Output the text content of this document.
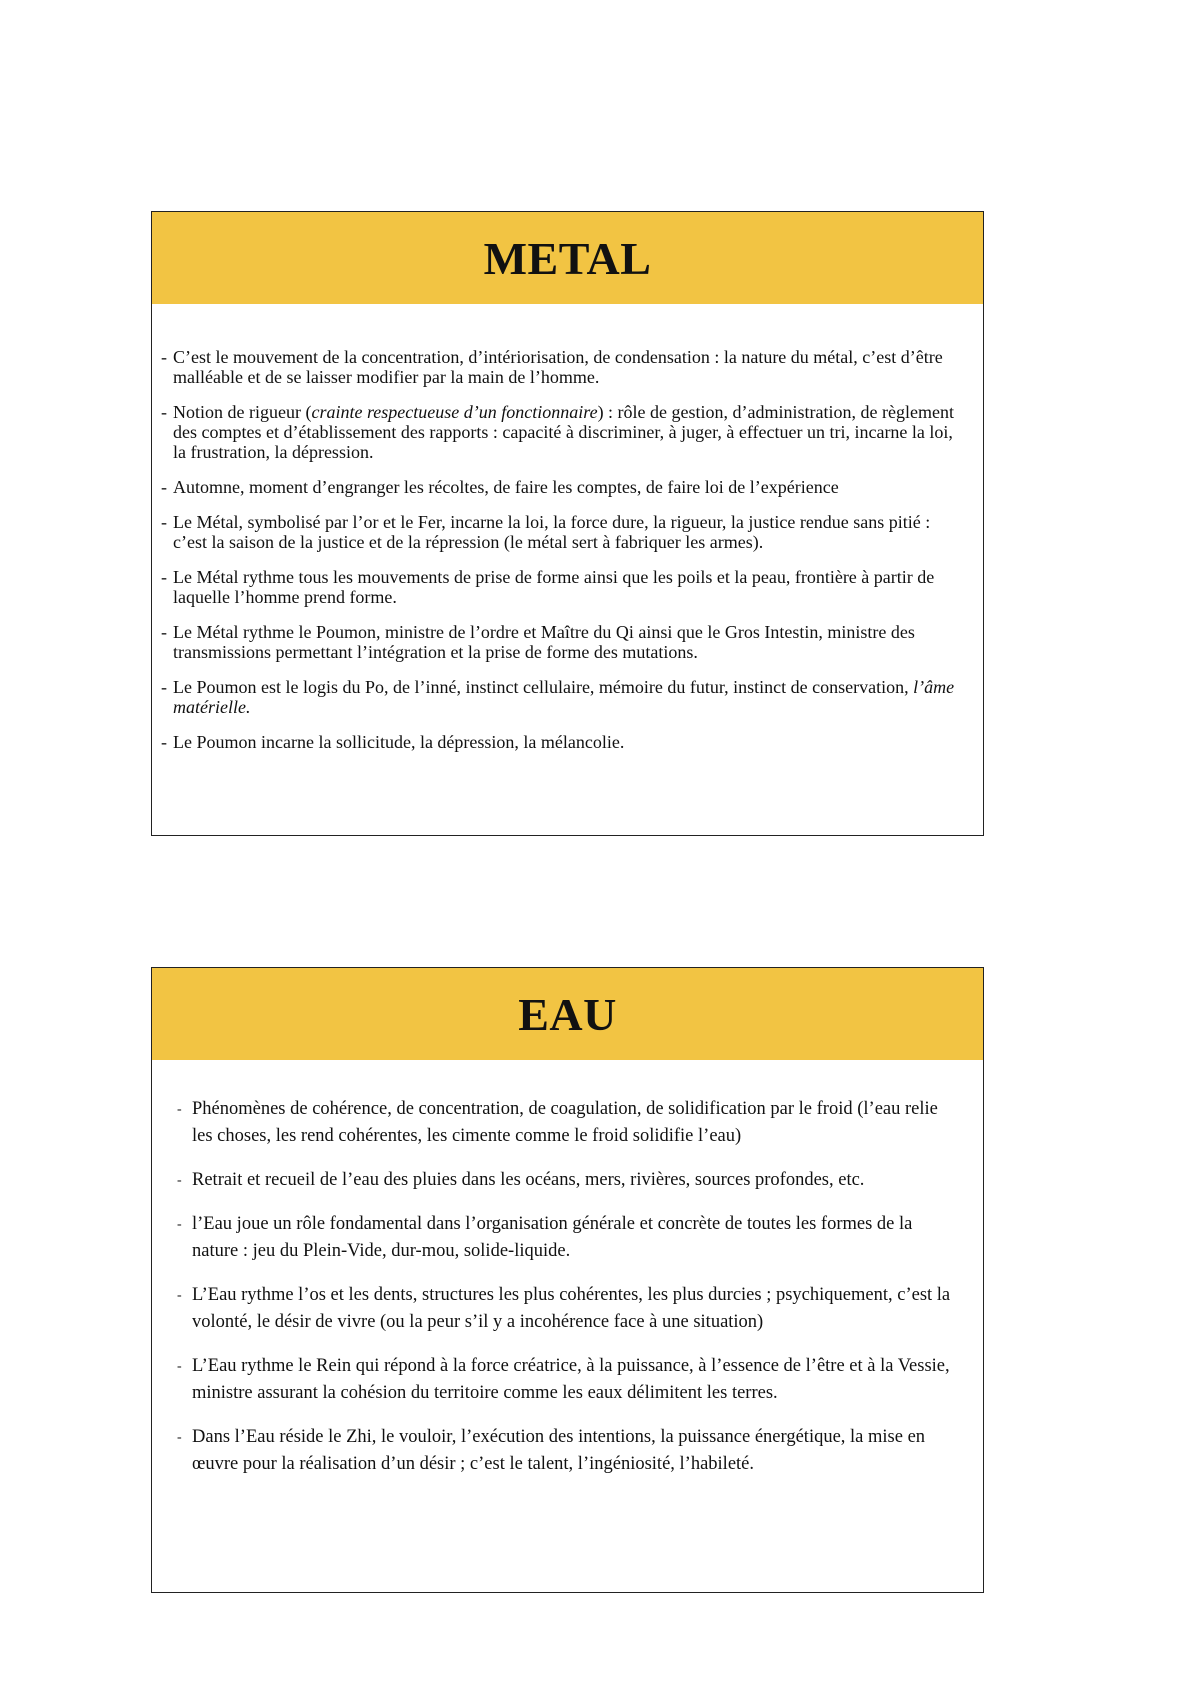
METAL
- C’est le mouvement de la concentration, d’intériorisation, de condensation : la nature du métal, c’est d’être malléable et de se laisser modifier par la main de l’homme.
- Notion de rigueur (crainte respectueuse d’un fonctionnaire) : rôle de gestion, d’administration, de règlement des comptes et d’établissement des rapports : capacité à discriminer, à juger, à effectuer un tri, incarne la loi, la frustration, la dépression.
- Automne, moment d’engranger les récoltes, de faire les comptes, de faire loi de l’expérience
- Le Métal, symbolisé par l’or et le Fer, incarne la loi, la force dure, la rigueur, la justice rendue sans pitié : c’est la saison de la justice et de la répression (le métal sert à fabriquer les armes).
- Le Métal rythme tous les mouvements de prise de forme ainsi que les poils et la peau, frontière à partir de laquelle l’homme prend forme.
- Le Métal rythme le Poumon, ministre de l’ordre et Maître du Qi ainsi que le Gros Intestin, ministre des transmissions permettant l’intégration et la prise de forme des mutations.
- Le Poumon est le logis du Po, de l’inné, instinct cellulaire, mémoire du futur, instinct de conservation, l’âme matérielle.
- Le Poumon incarne la sollicitude, la dépression, la mélancolie.
EAU
- Phénomènes de cohérence, de concentration, de coagulation, de solidification par le froid (l’eau relie les choses, les rend cohérentes, les cimente comme le froid solidifie l’eau)
- Retrait et recueil de l’eau des pluies dans les océans, mers, rivières, sources profondes, etc.
- l’Eau joue un rôle fondamental dans l’organisation générale et concrète de toutes les formes de la nature : jeu du Plein-Vide, dur-mou, solide-liquide.
- L’Eau rythme l’os et les dents, structures les plus cohérentes, les plus durcies ; psychiquement, c’est la volonté, le désir de vivre (ou la peur s’il y a incohérence face à une situation)
- L’Eau rythme le Rein qui répond à la force créatrice, à la puissance, à l’essence de l’être et à la Vessie, ministre assurant la cohésion du territoire comme les eaux délimitent les terres.
- Dans l’Eau réside le Zhi, le vouloir, l’exécution des intentions, la puissance énergétique, la mise en œuvre pour la réalisation d’un désir ; c’est le talent, l’ingéniosité, l’habileté.
